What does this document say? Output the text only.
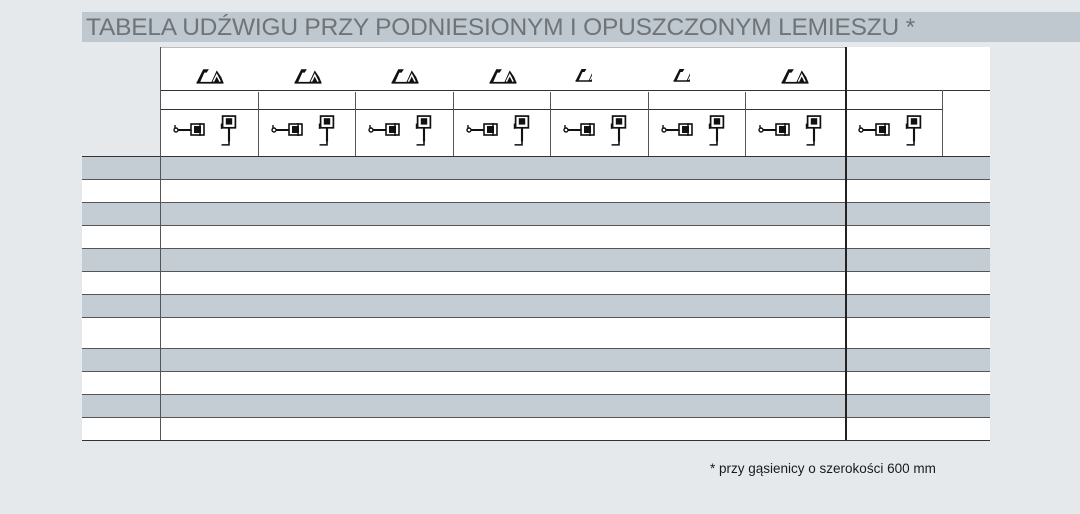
TABELA UDŹWIGU PRZY PODNIESIONYM I OPUSZCZONYM LEMIESZU *
* przy gąsienicy o szerokości 600 mm
